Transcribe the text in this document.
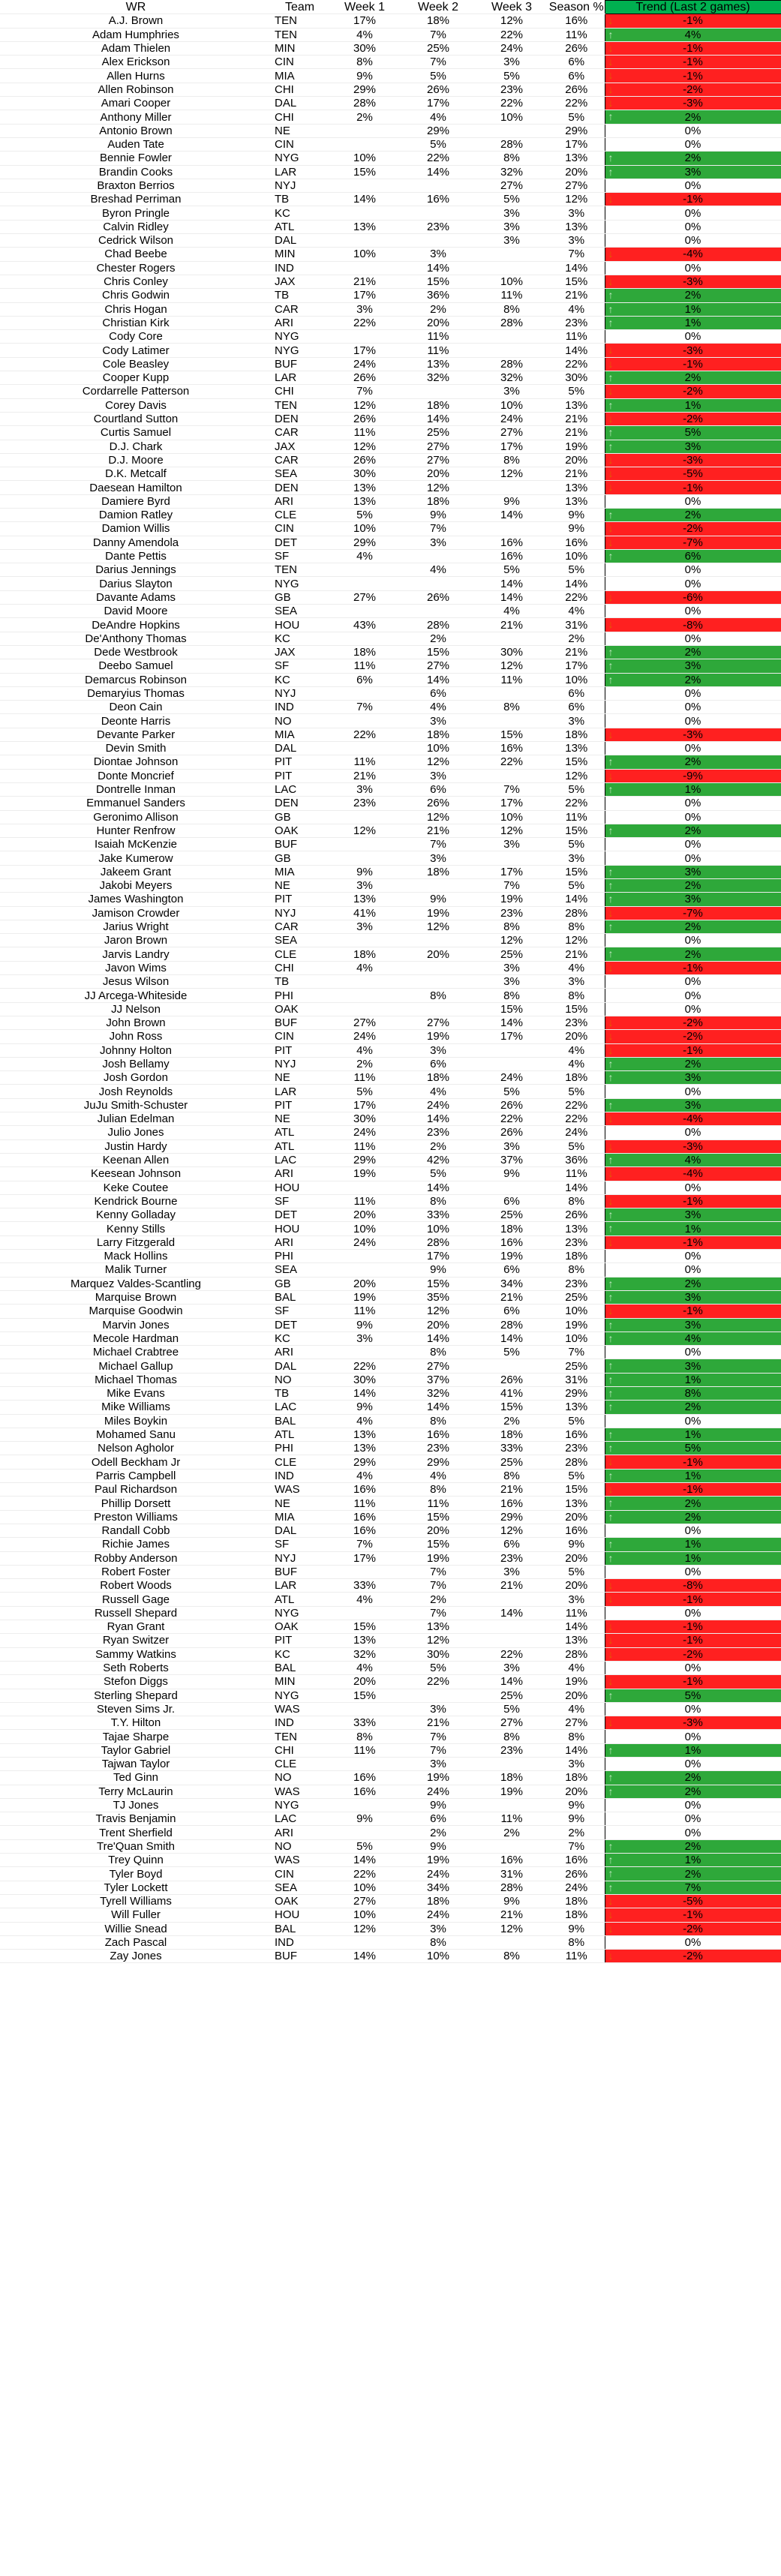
WR	Team	Week 1	Week 2	Week 3	Season %	Trend (Last 2 games)
A.J. Brown	TEN	17%	18%	12%	16%	↓ -1%
Adam Humphries	TEN	4%	7%	22%	11%	↑ 4%
Adam Thielen	MIN	30%	25%	24%	26%	↓ -1%
Alex Erickson	CIN	8%	7%	3%	6%	↓ -1%
Allen Hurns	MIA	9%	5%	5%	6%	↓ -1%
Allen Robinson	CHI	29%	26%	23%	26%	↓ -2%
Amari Cooper	DAL	28%	17%	22%	22%	↓ -3%
Anthony Miller	CHI	2%	4%	10%	5%	↑ 2%
Antonio Brown	NE		29%		29%	0%
Auden Tate	CIN		5%	28%	17%	0%
Bennie Fowler	NYG	10%	22%	8%	13%	↑ 2%
Brandin Cooks	LAR	15%	14%	32%	20%	↑ 3%
Braxton Berrios	NYJ			27%	27%	0%
Breshad Perriman	TB	14%	16%	5%	12%	↓ -1%
Byron Pringle	KC			3%	3%	0%
Calvin Ridley	ATL	13%	23%	3%	13%	0%
Cedrick Wilson	DAL			3%	3%	0%
Chad Beebe	MIN	10%	3%		7%	↓ -4%
Chester Rogers	IND		14%		14%	0%
Chris Conley	JAX	21%	15%	10%	15%	↓ -3%
Chris Godwin	TB	17%	36%	11%	21%	↑ 2%
Chris Hogan	CAR	3%	2%	8%	4%	↑ 1%
Christian Kirk	ARI	22%	20%	28%	23%	↑ 1%
Cody Core	NYG		11%		11%	0%
Cody Latimer	NYG	17%	11%		14%	↓ -3%
Cole Beasley	BUF	24%	13%	28%	22%	↓ -1%
Cooper Kupp	LAR	26%	32%	32%	30%	↑ 2%
Cordarrelle Patterson	CHI	7%		3%	5%	↓ -2%
Corey Davis	TEN	12%	18%	10%	13%	↑ 1%
Courtland Sutton	DEN	26%	14%	24%	21%	↓ -2%
Curtis Samuel	CAR	11%	25%	27%	21%	↑ 5%
D.J. Chark	JAX	12%	27%	17%	19%	↑ 3%
D.J. Moore	CAR	26%	27%	8%	20%	↓ -3%
D.K. Metcalf	SEA	30%	20%	12%	21%	↓ -5%
Daesean Hamilton	DEN	13%	12%		13%	↓ -1%
Damiere Byrd	ARI	13%	18%	9%	13%	0%
Damion Ratley	CLE	5%	9%	14%	9%	↑ 2%
Damion Willis	CIN	10%	7%		9%	↓ -2%
Danny Amendola	DET	29%	3%	16%	16%	↓ -7%
Dante Pettis	SF	4%		16%	10%	↑ 6%
Darius Jennings	TEN		4%	5%	5%	0%
Darius Slayton	NYG			14%	14%	0%
Davante Adams	GB	27%	26%	14%	22%	↓ -6%
David Moore	SEA			4%	4%	0%
DeAndre Hopkins	HOU	43%	28%	21%	31%	↓ -8%
De'Anthony Thomas	KC		2%		2%	0%
Dede Westbrook	JAX	18%	15%	30%	21%	↑ 2%
Deebo Samuel	SF	11%	27%	12%	17%	↑ 3%
Demarcus Robinson	KC	6%	14%	11%	10%	↑ 2%
Demaryius Thomas	NYJ		6%		6%	0%
Deon Cain	IND	7%	4%	8%	6%	0%
Deonte Harris	NO		3%		3%	0%
Devante Parker	MIA	22%	18%	15%	18%	↓ -3%
Devin Smith	DAL		10%	16%	13%	0%
Diontae Johnson	PIT	11%	12%	22%	15%	↑ 2%
Donte Moncrief	PIT	21%	3%		12%	↓ -9%
Dontrelle Inman	LAC	3%	6%	7%	5%	↑ 1%
Emmanuel Sanders	DEN	23%	26%	17%	22%	0%
Geronimo Allison	GB		12%	10%	11%	0%
Hunter Renfrow	OAK	12%	21%	12%	15%	↑ 2%
Isaiah McKenzie	BUF		7%	3%	5%	0%
Jake Kumerow	GB		3%		3%	0%
Jakeem Grant	MIA	9%	18%	17%	15%	↑ 3%
Jakobi Meyers	NE	3%		7%	5%	↑ 2%
James Washington	PIT	13%	9%	19%	14%	↑ 3%
Jamison Crowder	NYJ	41%	19%	23%	28%	↓ -7%
Jarius Wright	CAR	3%	12%	8%	8%	↑ 2%
Jaron Brown	SEA			12%	12%	0%
Jarvis Landry	CLE	18%	20%	25%	21%	↑ 2%
Javon Wims	CHI	4%		3%	4%	↓ -1%
Jesus Wilson	TB			3%	3%	0%
JJ Arcega-Whiteside	PHI		8%	8%	8%	0%
JJ Nelson	OAK			15%	15%	0%
John Brown	BUF	27%	27%	14%	23%	↓ -2%
John Ross	CIN	24%	19%	17%	20%	↓ -2%
Johnny Holton	PIT	4%	3%		4%	↓ -1%
Josh Bellamy	NYJ	2%	6%		4%	↑ 2%
Josh Gordon	NE	11%	18%	24%	18%	↑ 3%
Josh Reynolds	LAR	5%	4%	5%	5%	0%
JuJu Smith-Schuster	PIT	17%	24%	26%	22%	↑ 3%
Julian Edelman	NE	30%	14%	22%	22%	↓ -4%
Julio Jones	ATL	24%	23%	26%	24%	0%
Justin Hardy	ATL	11%	2%	3%	5%	↓ -3%
Keenan Allen	LAC	29%	42%	37%	36%	↑ 4%
Keesean Johnson	ARI	19%	5%	9%	11%	↓ -4%
Keke Coutee	HOU		14%		14%	0%
Kendrick Bourne	SF	11%	8%	6%	8%	↓ -1%
Kenny Golladay	DET	20%	33%	25%	26%	↑ 3%
Kenny Stills	HOU	10%	10%	18%	13%	↑ 1%
Larry Fitzgerald	ARI	24%	28%	16%	23%	↓ -1%
Mack Hollins	PHI		17%	19%	18%	0%
Malik Turner	SEA		9%	6%	8%	0%
Marquez Valdes-Scantling	GB	20%	15%	34%	23%	↑ 2%
Marquise Brown	BAL	19%	35%	21%	25%	↑ 3%
Marquise Goodwin	SF	11%	12%	6%	10%	↓ -1%
Marvin Jones	DET	9%	20%	28%	19%	↑ 3%
Mecole Hardman	KC	3%	14%	14%	10%	↑ 4%
Michael Crabtree	ARI		8%	5%	7%	0%
Michael Gallup	DAL	22%	27%		25%	↑ 3%
Michael Thomas	NO	30%	37%	26%	31%	↑ 1%
Mike Evans	TB	14%	32%	41%	29%	↑ 8%
Mike Williams	LAC	9%	14%	15%	13%	↑ 2%
Miles Boykin	BAL	4%	8%	2%	5%	0%
Mohamed Sanu	ATL	13%	16%	18%	16%	↑ 1%
Nelson Agholor	PHI	13%	23%	33%	23%	↑ 5%
Odell Beckham Jr	CLE	29%	29%	25%	28%	↓ -1%
Parris Campbell	IND	4%	4%	8%	5%	↑ 1%
Paul Richardson	WAS	16%	8%	21%	15%	↓ -1%
Phillip Dorsett	NE	11%	11%	16%	13%	↑ 2%
Preston Williams	MIA	16%	15%	29%	20%	↑ 2%
Randall Cobb	DAL	16%	20%	12%	16%	0%
Richie James	SF	7%	15%	6%	9%	↑ 1%
Robby Anderson	NYJ	17%	19%	23%	20%	↑ 1%
Robert Foster	BUF		7%	3%	5%	0%
Robert Woods	LAR	33%	7%	21%	20%	↓ -8%
Russell Gage	ATL	4%	2%		3%	↓ -1%
Russell Shepard	NYG		7%	14%	11%	0%
Ryan Grant	OAK	15%	13%		14%	↓ -1%
Ryan Switzer	PIT	13%	12%		13%	↓ -1%
Sammy Watkins	KC	32%	30%	22%	28%	↓ -2%
Seth Roberts	BAL	4%	5%	3%	4%	0%
Stefon Diggs	MIN	20%	22%	14%	19%	↓ -1%
Sterling Shepard	NYG	15%		25%	20%	↑ 5%
Steven Sims Jr.	WAS		3%	5%	4%	0%
T.Y. Hilton	IND	33%	21%	27%	27%	↓ -3%
Tajae Sharpe	TEN	8%	7%	8%	8%	0%
Taylor Gabriel	CHI	11%	7%	23%	14%	↑ 1%
Tajwan Taylor	CLE		3%		3%	0%
Ted Ginn	NO	16%	19%	18%	18%	↑ 2%
Terry McLaurin	WAS	16%	24%	19%	20%	↑ 2%
TJ Jones	NYG		9%		9%	0%
Travis Benjamin	LAC	9%	6%	11%	9%	0%
Trent Sherfield	ARI		2%	2%	2%	0%
Tre'Quan Smith	NO	5%	9%		7%	↑ 2%
Trey Quinn	WAS	14%	19%	16%	16%	↑ 1%
Tyler Boyd	CIN	22%	24%	31%	26%	↑ 2%
Tyler Lockett	SEA	10%	34%	28%	24%	↑ 7%
Tyrell Williams	OAK	27%	18%	9%	18%	↓ -5%
Will Fuller	HOU	10%	24%	21%	18%	↓ -1%
Willie Snead	BAL	12%	3%	12%	9%	↓ -2%
Zach Pascal	IND		8%		8%	0%
Zay Jones	BUF	14%	10%	8%	11%	↓ -2%
